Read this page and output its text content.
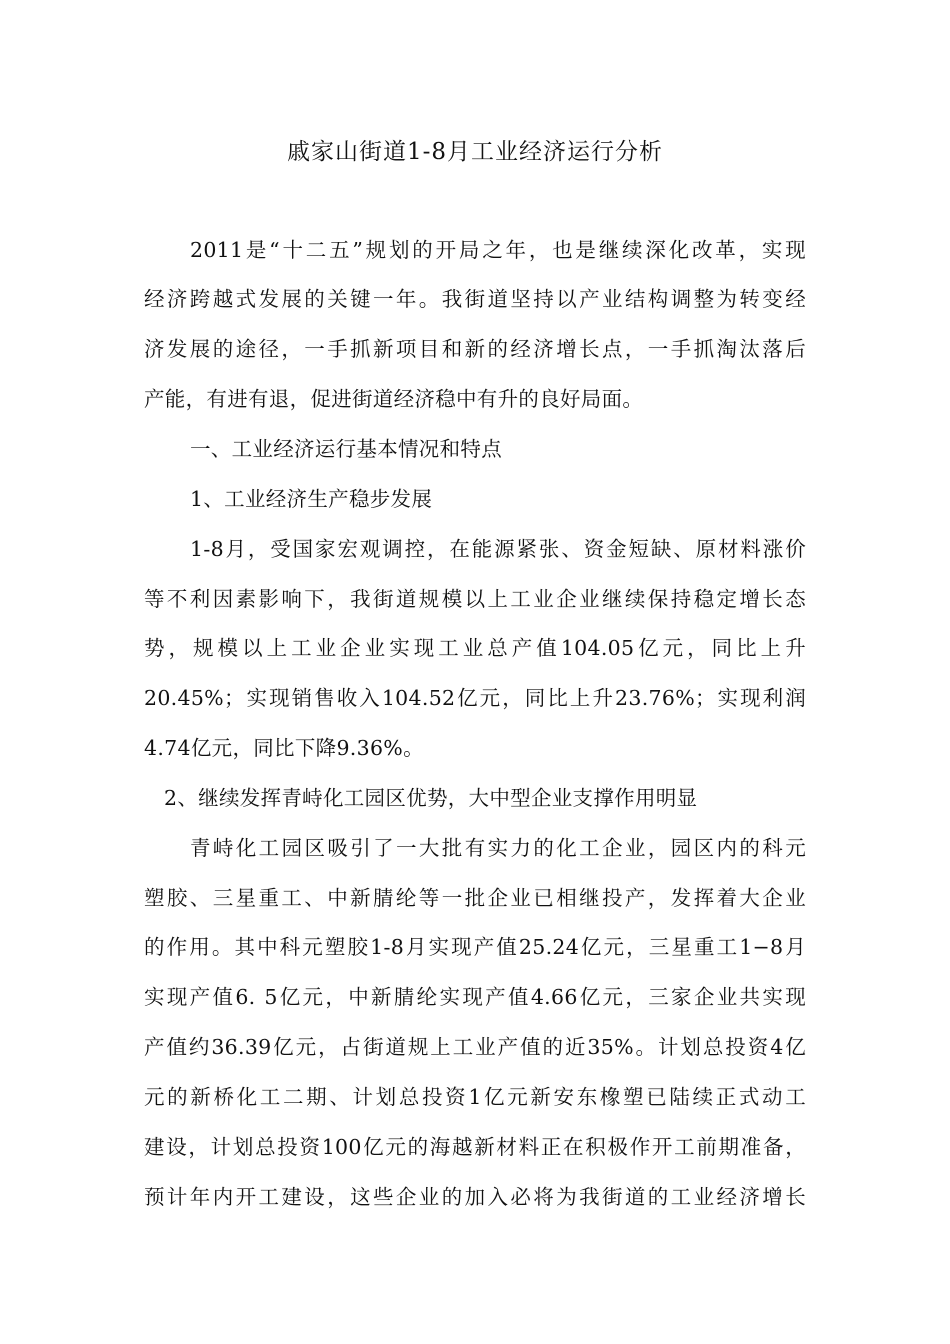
戚家山街道1-8月工业经济运行分析
2011是“十二五”规划的开局之年，也是继续深化改革，实现
经济跨越式发展的关键一年。我街道坚持以产业结构调整为转变经
济发展的途径，一手抓新项目和新的经济增长点，一手抓淘汰落后
产能，有进有退，促进街道经济稳中有升的良好局面。
一、工业经济运行基本情况和特点
1、工业经济生产稳步发展
1-8月，受国家宏观调控，在能源紧张、资金短缺、原材料涨价
等不利因素影响下，我街道规模以上工业企业继续保持稳定增长态
势，规模以上工业企业实现工业总产值104.05亿元，同比上升
20.45%；实现销售收入104.52亿元，同比上升23.76%；实现利润
4.74亿元，同比下降9.36%。
2、继续发挥青峙化工园区优势，大中型企业支撑作用明显
青峙化工园区吸引了一大批有实力的化工企业，园区内的科元
塑胶、三星重工、中新腈纶等一批企业已相继投产，发挥着大企业
的作用。其中科元塑胶1-8月实现产值25.24亿元，三星重工1−8月
实现产值6. 5亿元，中新腈纶实现产值4.66亿元，三家企业共实现
产值约36.39亿元，占街道规上工业产值的近35%。计划总投资4亿
元的新桥化工二期、计划总投资1亿元新安东橡塑已陆续正式动工
建设，计划总投资100亿元的海越新材料正在积极作开工前期准备，
预计年内开工建设，这些企业的加入必将为我街道的工业经济增长
